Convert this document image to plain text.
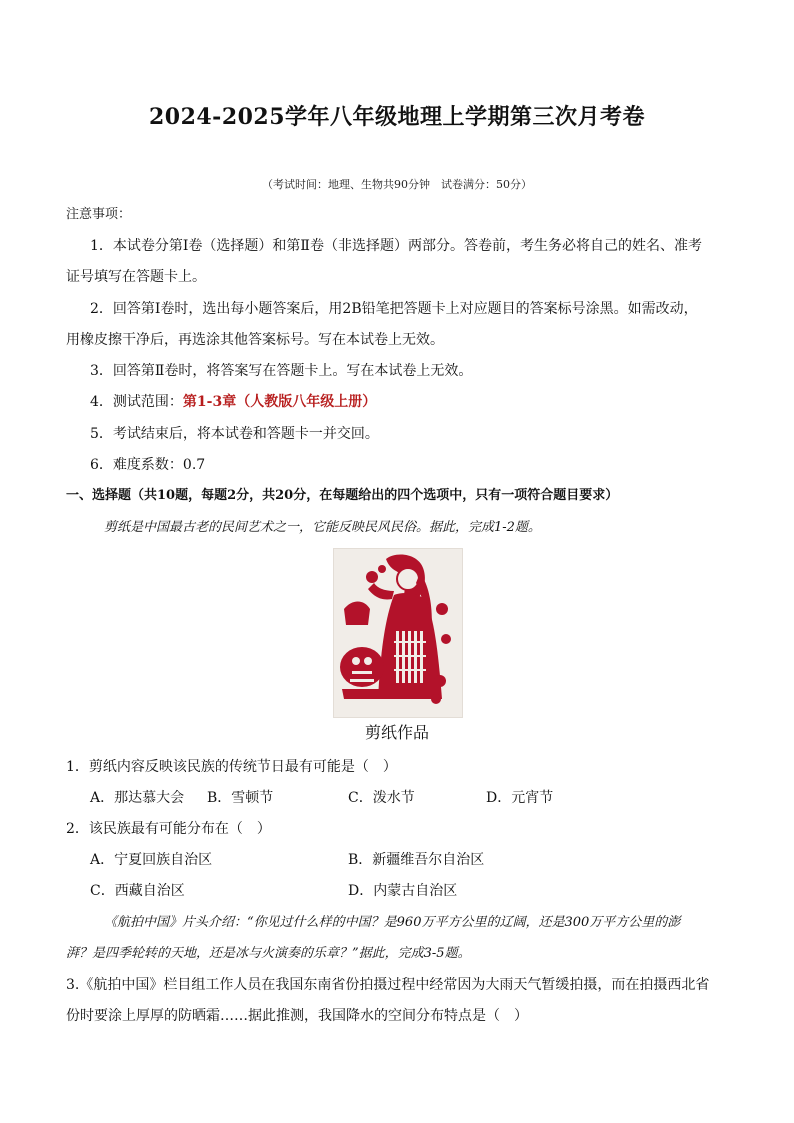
2024-2025学年八年级地理上学期第三次月考卷
（考试时间：地理、生物共90分钟　试卷满分：50分）
注意事项：
1．本试卷分第Ⅰ卷（选择题）和第Ⅱ卷（非选择题）两部分。答卷前，考生务必将自己的姓名、准考
证号填写在答题卡上。
2．回答第Ⅰ卷时，选出每小题答案后，用2B铅笔把答题卡上对应题目的答案标号涂黑。如需改动，
用橡皮擦干净后，再选涂其他答案标号。写在本试卷上无效。
3．回答第Ⅱ卷时，将答案写在答题卡上。写在本试卷上无效。
4．测试范围：第1-3章（人教版八年级上册）
5．考试结束后，将本试卷和答题卡一并交回。
6．难度系数：0.7
一、选择题（共10题，每题2分，共20分，在每题给出的四个选项中，只有一项符合题目要求）
剪纸是中国最古老的民间艺术之一，它能反映民风民俗。据此，完成1-2题。
剪纸作品
1．剪纸内容反映该民族的传统节日最有可能是（　）
A．那达慕大会 B．雪顿节	C．泼水节	D．元宵节
2．该民族最有可能分布在（　）
A．宁夏回族自治区	B．新疆维吾尔自治区
C．西藏自治区	D．内蒙古自治区
《航拍中国》片头介绍：“你见过什么样的中国？是960万平方公里的辽阔，还是300万平方公里的澎
湃？是四季轮转的天地，还是冰与火演奏的乐章？”据此，完成3-5题。
3.《航拍中国》栏目组工作人员在我国东南省份拍摄过程中经常因为大雨天气暂缓拍摄，而在拍摄西北省
份时要涂上厚厚的防晒霜……据此推测，我国降水的空间分布特点是（　）
